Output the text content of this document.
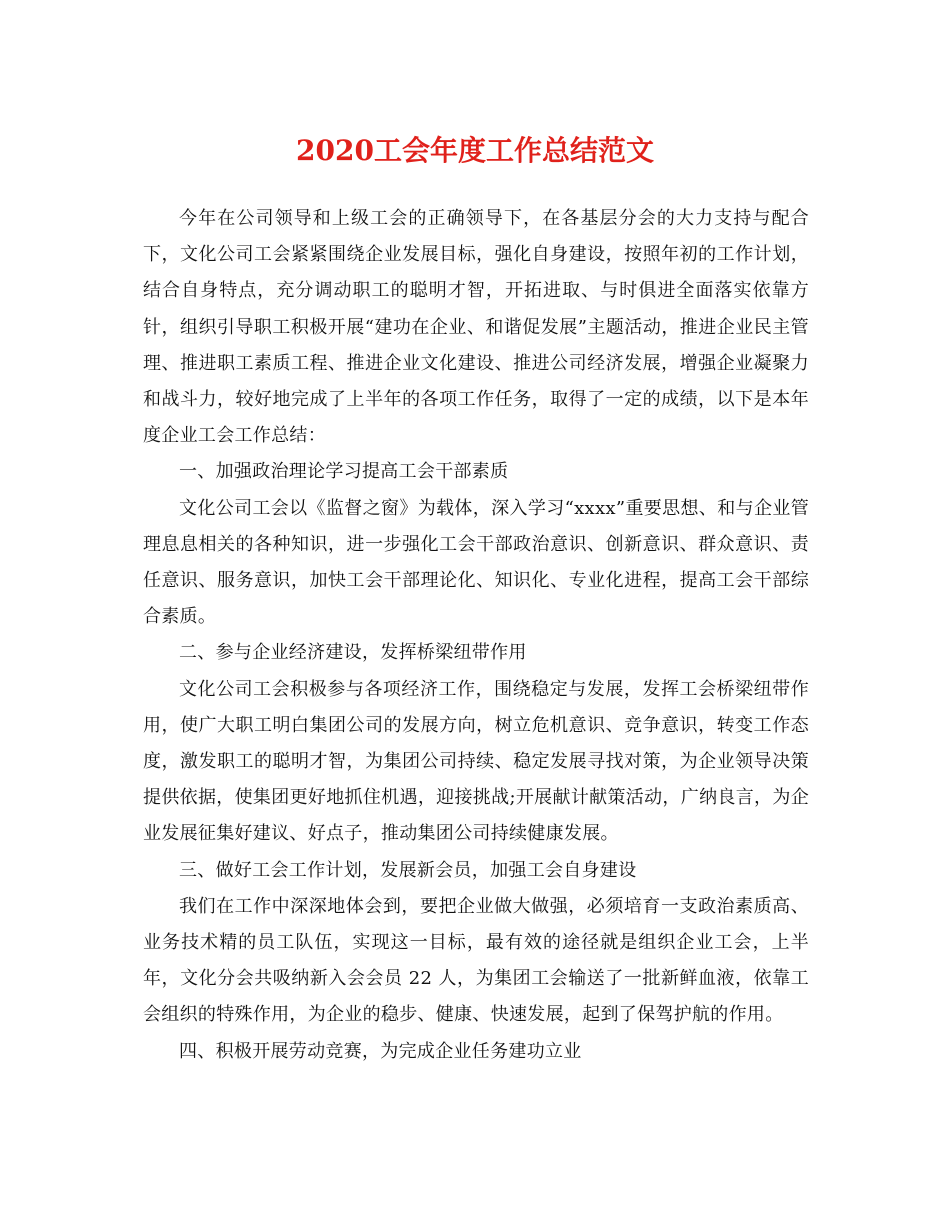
2020工会年度工作总结范文

今年在公司领导和上级工会的正确领导下，在各基层分会的大力支持与配合下，文化公司工会紧紧围绕企业发展目标，强化自身建设，按照年初的工作计划，结合自身特点，充分调动职工的聪明才智，开拓进取、与时俱进全面落实依靠方针，组织引导职工积极开展“建功在企业、和谐促发展”主题活动，推进企业民主管理、推进职工素质工程、推进企业文化建设、推进公司经济发展，增强企业凝聚力和战斗力，较好地完成了上半年的各项工作任务，取得了一定的成绩，以下是本年度企业工会工作总结：

一、加强政治理论学习提高工会干部素质

文化公司工会以《监督之窗》为载体，深入学习“xxxx”重要思想、和与企业管理息息相关的各种知识，进一步强化工会干部政治意识、创新意识、群众意识、责任意识、服务意识，加快工会干部理论化、知识化、专业化进程，提高工会干部综合素质。

二、参与企业经济建设，发挥桥梁纽带作用

文化公司工会积极参与各项经济工作，围绕稳定与发展，发挥工会桥梁纽带作用，使广大职工明白集团公司的发展方向，树立危机意识、竞争意识，转变工作态度，激发职工的聪明才智，为集团公司持续、稳定发展寻找对策，为企业领导决策提供依据，使集团更好地抓住机遇，迎接挑战;开展献计献策活动，广纳良言，为企业发展征集好建议、好点子，推动集团公司持续健康发展。

三、做好工会工作计划，发展新会员，加强工会自身建设

我们在工作中深深地体会到，要把企业做大做强，必须培育一支政治素质高、业务技术精的员工队伍，实现这一目标，最有效的途径就是组织企业工会，上半年，文化分会共吸纳新入会会员 22 人，为集团工会输送了一批新鲜血液，依靠工会组织的特殊作用，为企业的稳步、健康、快速发展，起到了保驾护航的作用。

四、积极开展劳动竞赛，为完成企业任务建功立业
